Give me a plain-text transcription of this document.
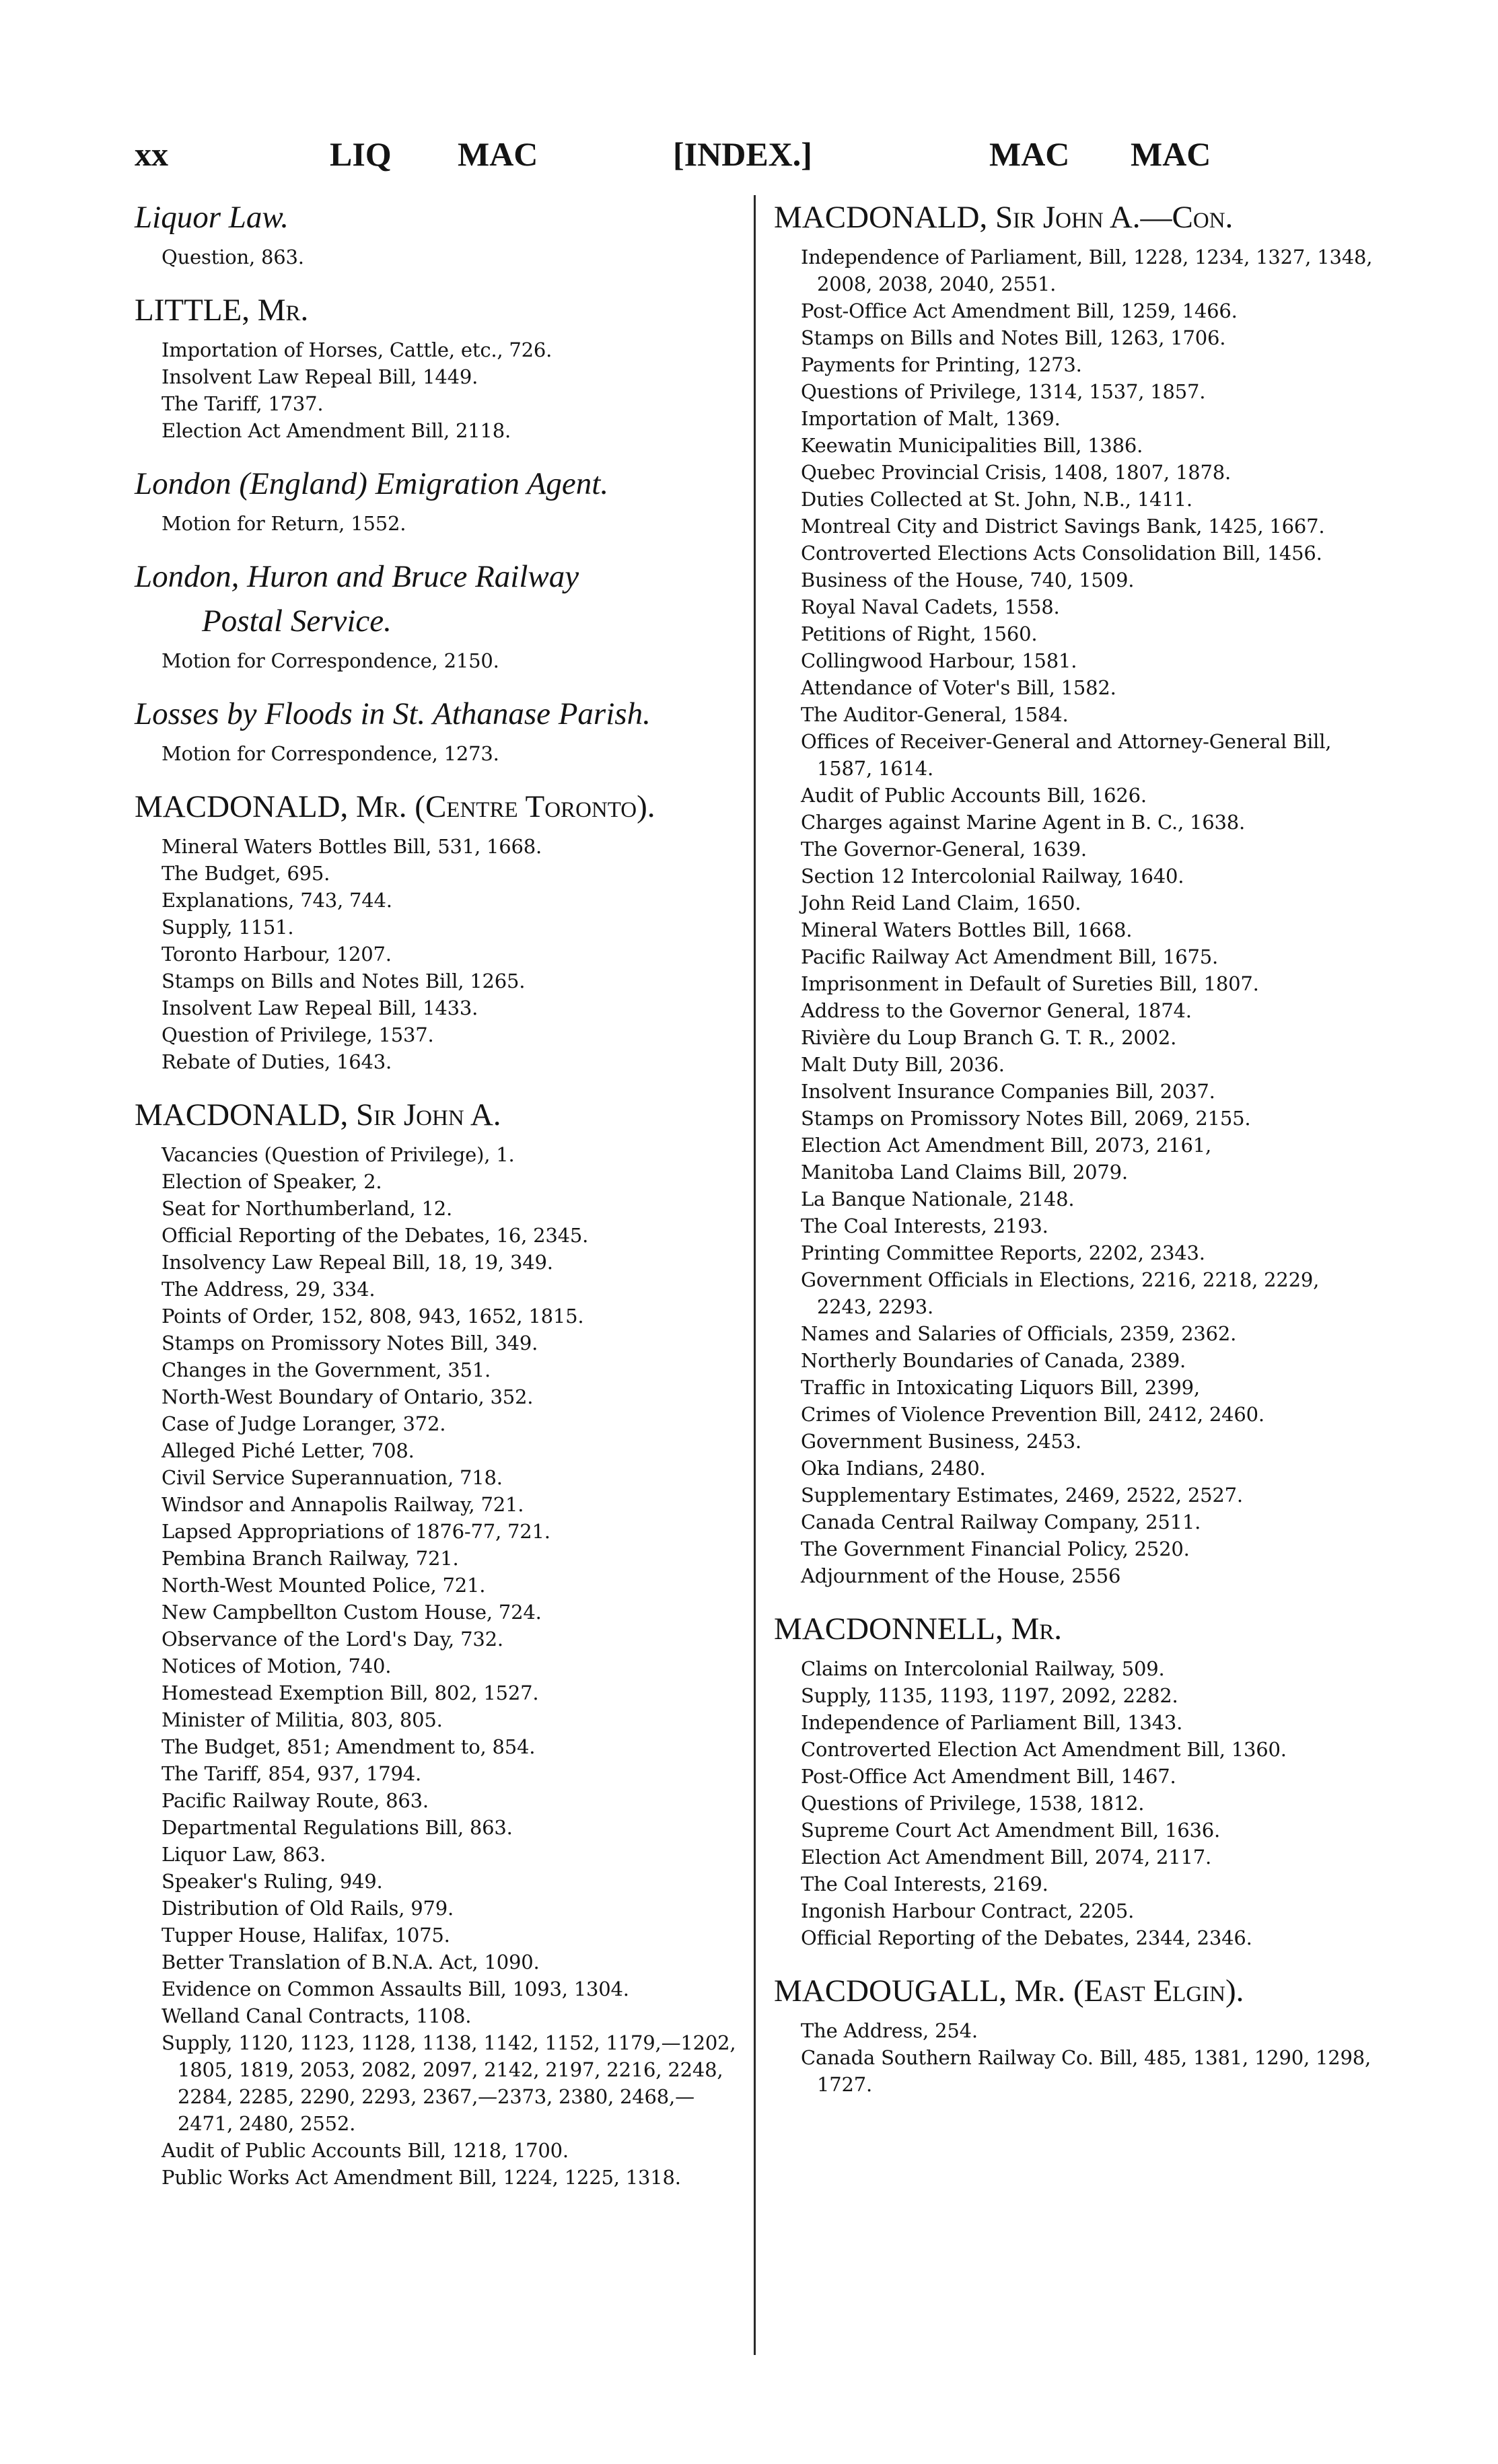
xx	LIQ MAC	[INDEX.]	MAC MAC
Liquor Law.
Question, 863.
LITTLE, Mr.
Importation of Horses, Cattle, etc., 726.
Insolvent Law Repeal Bill, 1449.
The Tariff, 1737.
Election Act Amendment Bill, 2118.
London (England) Emigration Agent.
Motion for Return, 1552.
London, Huron and Bruce Railway
Postal Service.
Motion for Correspondence, 2150.
Losses by Floods in St. Athanase Parish.
Motion for Correspondence, 1273.
MACDONALD, Mr. (Centre Toronto).
Mineral Waters Bottles Bill, 531, 1668.
The Budget, 695.
Explanations, 743, 744.
Supply, 1151.
Toronto Harbour, 1207.
Stamps on Bills and Notes Bill, 1265.
Insolvent Law Repeal Bill, 1433.
Question of Privilege, 1537.
Rebate of Duties, 1643.
MACDONALD, Sir John A.
Vacancies (Question of Privilege), 1.
Election of Speaker, 2.
Seat for Northumberland, 12.
Official Reporting of the Debates, 16, 2345.
Insolvency Law Repeal Bill, 18, 19, 349.
The Address, 29, 334.
Points of Order, 152, 808, 943, 1652, 1815.
Stamps on Promissory Notes Bill, 349.
Changes in the Government, 351.
North-West Boundary of Ontario, 352.
Case of Judge Loranger, 372.
Alleged Piché Letter, 708.
Civil Service Superannuation, 718.
Windsor and Annapolis Railway, 721.
Lapsed Appropriations of 1876-77, 721.
Pembina Branch Railway, 721.
North-West Mounted Police, 721.
New Campbellton Custom House, 724.
Observance of the Lord's Day, 732.
Notices of Motion, 740.
Homestead Exemption Bill, 802, 1527.
Minister of Militia, 803, 805.
The Budget, 851; Amendment to, 854.
The Tariff, 854, 937, 1794.
Pacific Railway Route, 863.
Departmental Regulations Bill, 863.
Liquor Law, 863.
Speaker's Ruling, 949.
Distribution of Old Rails, 979.
Tupper House, Halifax, 1075.
Better Translation of B.N.A. Act, 1090.
Evidence on Common Assaults Bill, 1093, 1304.
Welland Canal Contracts, 1108.
Supply, 1120, 1123, 1128, 1138, 1142, 1152, 1179,—1202, 1805, 1819, 2053, 2082, 2097, 2142, 2197, 2216, 2248, 2284, 2285, 2290, 2293, 2367,—2373, 2380, 2468,—2471, 2480, 2552.
Audit of Public Accounts Bill, 1218, 1700.
Public Works Act Amendment Bill, 1224, 1225, 1318.
MACDONALD, Sir John A.—Con.
Independence of Parliament, Bill, 1228, 1234, 1327, 1348, 2008, 2038, 2040, 2551.
Post-Office Act Amendment Bill, 1259, 1466.
Stamps on Bills and Notes Bill, 1263, 1706.
Payments for Printing, 1273.
Questions of Privilege, 1314, 1537, 1857.
Importation of Malt, 1369.
Keewatin Municipalities Bill, 1386.
Quebec Provincial Crisis, 1408, 1807, 1878.
Duties Collected at St. John, N.B., 1411.
Montreal City and District Savings Bank, 1425, 1667.
Controverted Elections Acts Consolidation Bill, 1456.
Business of the House, 740, 1509.
Royal Naval Cadets, 1558.
Petitions of Right, 1560.
Collingwood Harbour, 1581.
Attendance of Voter's Bill, 1582.
The Auditor-General, 1584.
Offices of Receiver-General and Attorney-General Bill, 1587, 1614.
Audit of Public Accounts Bill, 1626.
Charges against Marine Agent in B. C., 1638.
The Governor-General, 1639.
Section 12 Intercolonial Railway, 1640.
John Reid Land Claim, 1650.
Mineral Waters Bottles Bill, 1668.
Pacific Railway Act Amendment Bill, 1675.
Imprisonment in Default of Sureties Bill, 1807.
Address to the Governor General, 1874.
Rivière du Loup Branch G. T. R., 2002.
Malt Duty Bill, 2036.
Insolvent Insurance Companies Bill, 2037.
Stamps on Promissory Notes Bill, 2069, 2155.
Election Act Amendment Bill, 2073, 2161,
Manitoba Land Claims Bill, 2079.
La Banque Nationale, 2148.
The Coal Interests, 2193.
Printing Committee Reports, 2202, 2343.
Government Officials in Elections, 2216, 2218, 2229, 2243, 2293.
Names and Salaries of Officials, 2359, 2362.
Northerly Boundaries of Canada, 2389.
Traffic in Intoxicating Liquors Bill, 2399,
Crimes of Violence Prevention Bill, 2412, 2460.
Government Business, 2453.
Oka Indians, 2480.
Supplementary Estimates, 2469, 2522, 2527.
Canada Central Railway Company, 2511.
The Government Financial Policy, 2520.
Adjournment of the House, 2556
MACDONNELL, Mr.
Claims on Intercolonial Railway, 509.
Supply, 1135, 1193, 1197, 2092, 2282.
Independence of Parliament Bill, 1343.
Controverted Election Act Amendment Bill, 1360.
Post-Office Act Amendment Bill, 1467.
Questions of Privilege, 1538, 1812.
Supreme Court Act Amendment Bill, 1636.
Election Act Amendment Bill, 2074, 2117.
The Coal Interests, 2169.
Ingonish Harbour Contract, 2205.
Official Reporting of the Debates, 2344, 2346.
MACDOUGALL, Mr. (East Elgin).
The Address, 254.
Canada Southern Railway Co. Bill, 485, 1381, 1290, 1298, 1727.
